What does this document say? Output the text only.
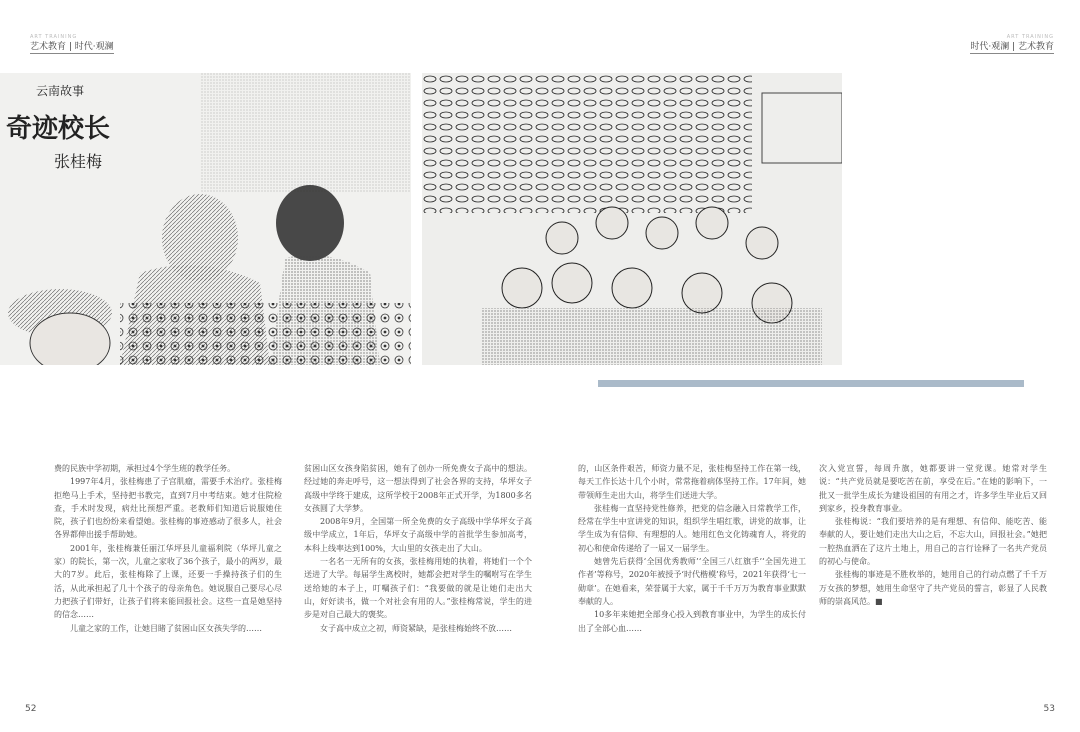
ART TRAINING
艺术教育 | 时代·观澜
ART TRAINING
时代·观澜 | 艺术教育
云南故事
奇迹校长
张桂梅

费的民族中学初期，承担过4个学生班的教学任务。

1997年4月，张桂梅患了子宫肌瘤，需要手术治疗。张桂梅拒绝马上手术，坚持把书教完，直到7月中考结束。她才住院检查，手术时发现，病灶比预想严重。老教师们知道后说服她住院，孩子们也纷纷来看望她。张桂梅的事迹感动了很多人，社会各界都伸出援手帮助她。

2001年，张桂梅兼任丽江华坪县儿童福利院（华坪儿童之家）的院长，第一次，儿童之家收了36个孩子，最小的两岁，最大的7岁。此后，张桂梅除了上课，还要一手操持孩子们的生活，从此承担起了几十个孩子的母亲角色。她说服自己要尽心尽力把孩子们带好，让孩子们将来能回报社会。这些一直是她坚持的信念……

儿童之家的工作，让她目睹了贫困山区女孩失学的……

贫困山区女孩身陷贫困，她有了创办一所免费女子高中的想法。经过她的奔走呼号，这一想法得到了社会各界的支持，华坪女子高级中学终于建成，这所学校于2008年正式开学，为1800多名女孩圆了大学梦。

2008年9月，全国第一所全免费的女子高级中学华坪女子高级中学成立，1年后，华坪女子高级中学的首批学生参加高考，本科上线率达到100%，大山里的女孩走出了大山。

一名名一无所有的女孩，张桂梅用她的执着，将她们一个个送进了大学。每届学生离校时，她都会把对学生的嘱咐写在学生送给她的本子上，叮嘱孩子们：“我要做的就是让她们走出大山，好好读书，做一个对社会有用的人。”张桂梅常说，学生的进步是对自己最大的褒奖。

女子高中成立之初，师资紧缺，是张桂梅始终不放……

的，山区条件艰苦，师资力量不足，张桂梅坚持工作在第一线，每天工作长达十几个小时，常常拖着病体坚持工作。17年间，她带领师生走出大山，将学生们送进大学。

张桂梅一直坚持党性修养，把党的信念融入日常教学工作，经常在学生中宣讲党的知识，组织学生唱红歌，讲党的故事，让学生成为有信仰、有理想的人。她用红色文化铸魂育人，将党的初心和使命传递给了一届又一届学生。

她曾先后获得‘全国优秀教师’‘全国三八红旗手’‘全国先进工作者’等称号，2020年被授予‘时代楷模’称号，2021年获得‘七一勋章’。在她看来，荣誉属于大家，属于千千万万为教育事业默默奉献的人。

10多年来她把全部身心投入到教育事业中，为学生的成长付出了全部心血……

次入党宣誓，每周升旗，她都要讲一堂党课。她常对学生说：“共产党员就是要吃苦在前，享受在后。”在她的影响下，一批又一批学生成长为建设祖国的有用之才，许多学生毕业后又回到家乡，投身教育事业。

张桂梅说：“我们要培养的是有理想、有信仰、能吃苦、能奉献的人，要让她们走出大山之后，不忘大山，回报社会。”她把一腔热血洒在了这片土地上，用自己的言行诠释了一名共产党员的初心与使命。

张桂梅的事迹是不胜枚举的，她用自己的行动点燃了千千万万女孩的梦想，她用生命坚守了共产党员的誓言，彰显了人民教师的崇高风范。■

52	53
